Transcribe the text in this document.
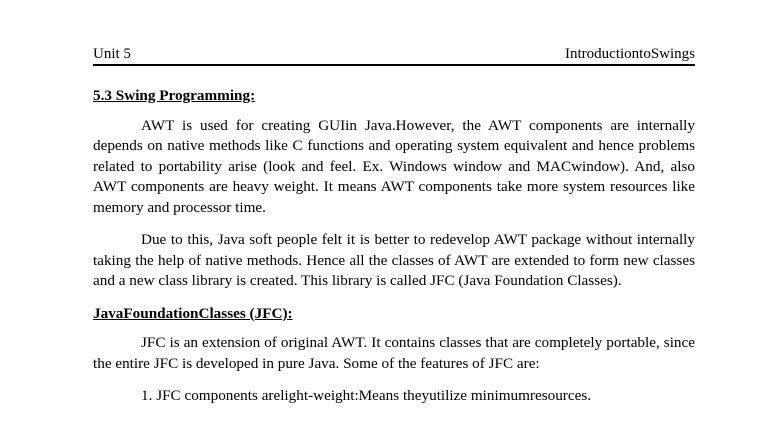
Unit 5	IntroductiontoSwings
5.3 Swing Programming:

AWT is used for creating GUIin Java.However, the AWT components are internally depends on native methods like C functions and operating system equivalent and hence problems related to portability arise (look and feel. Ex. Windows window and MACwindow). And, also AWT components are heavy weight. It means AWT components take more system resources like memory and processor time.

Due to this, Java soft people felt it is better to redevelop AWT package without internally taking the help of native methods. Hence all the classes of AWT are extended to form new classes and a new class library is created. This library is called JFC (Java Foundation Classes).

JavaFoundationClasses (JFC):

JFC is an extension of original AWT. It contains classes that are completely portable, since the entire JFC is developed in pure Java. Some of the features of JFC are:

1. JFC components arelight-weight:Means theyutilize minimumresources.
